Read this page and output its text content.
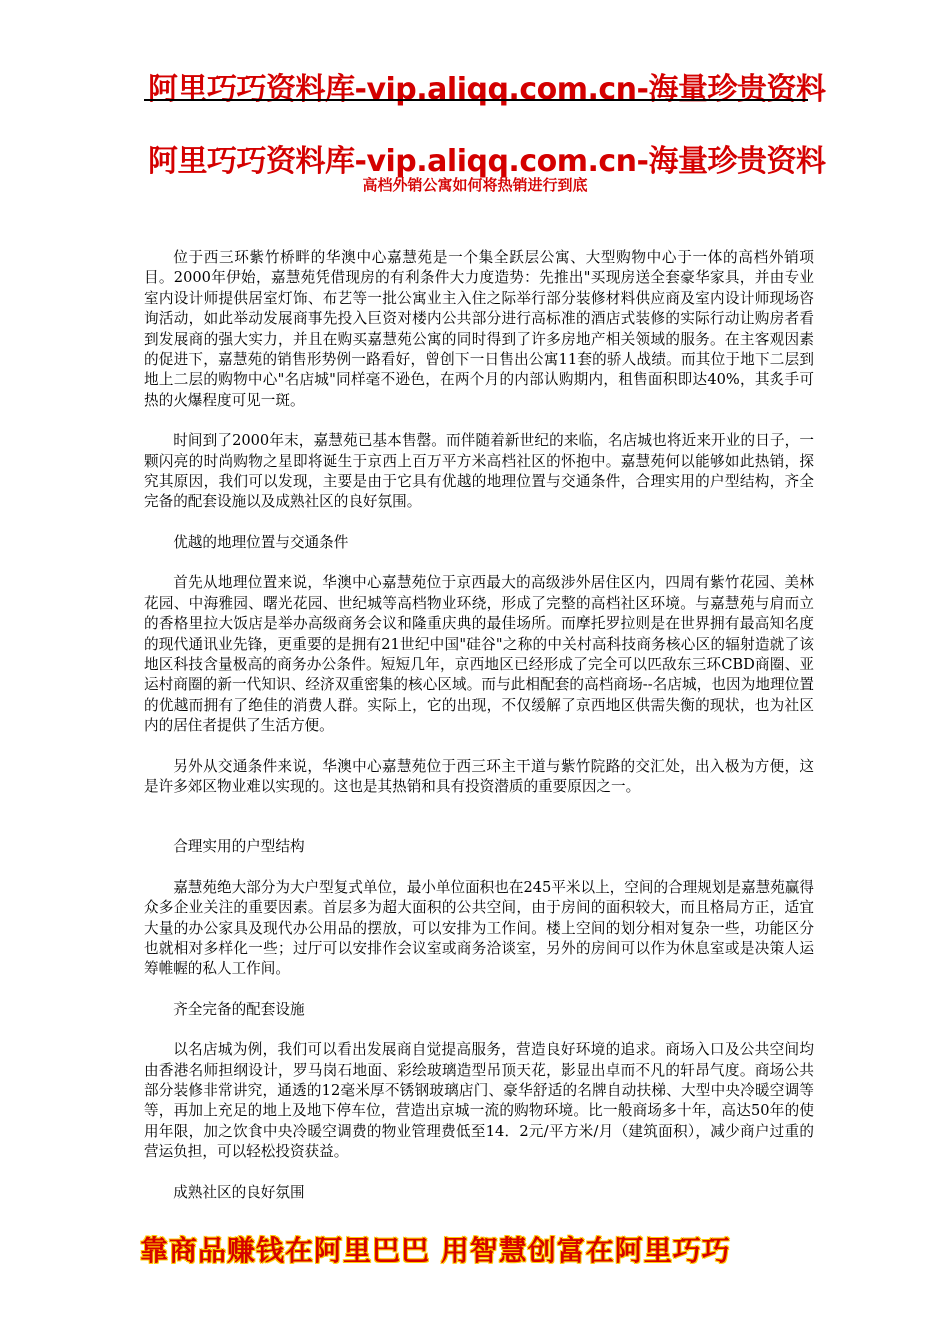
阿里巧巧资料库-vip.aliqq.com.cn-海量珍贵资料
阿里巧巧资料库-vip.aliqq.com.cn-海量珍贵资料
高档外销公寓如何将热销进行到底

位于西三环紫竹桥畔的华澳中心嘉慧苑是一个集全跃层公寓、大型购物中心于一体的高档外销项目。2000年伊始，嘉慧苑凭借现房的有利条件大力度造势：先推出"买现房送全套豪华家具，并由专业室内设计师提供居室灯饰、布艺等一批公寓业主入住之际举行部分装修材料供应商及室内设计师现场咨询活动，如此举动发展商事先投入巨资对楼内公共部分进行高标准的酒店式装修的实际行动让购房者看到发展商的强大实力，并且在购买嘉慧苑公寓的同时得到了许多房地产相关领域的服务。在主客观因素的促进下，嘉慧苑的销售形势例一路看好，曾创下一日售出公寓11套的骄人战绩。而其位于地下二层到地上二层的购物中心"名店城"同样毫不逊色，在两个月的内部认购期内，租售面积即达40%，其炙手可热的火爆程度可见一斑。

时间到了2000年末，嘉慧苑已基本售罄。而伴随着新世纪的来临，名店城也将近来开业的日子，一颗闪亮的时尚购物之星即将诞生于京西上百万平方米高档社区的怀抱中。嘉慧苑何以能够如此热销，探究其原因，我们可以发现，主要是由于它具有优越的地理位置与交通条件，合理实用的户型结构，齐全完备的配套设施以及成熟社区的良好氛围。

优越的地理位置与交通条件

首先从地理位置来说，华澳中心嘉慧苑位于京西最大的高级涉外居住区内，四周有紫竹花园、美林花园、中海雅园、曙光花园、世纪城等高档物业环绕，形成了完整的高档社区环境。与嘉慧苑与肩而立的香格里拉大饭店是举办高级商务会议和隆重庆典的最佳场所。而摩托罗拉则是在世界拥有最高知名度的现代通讯业先锋，更重要的是拥有21世纪中国"硅谷"之称的中关村高科技商务核心区的辐射造就了该地区科技含量极高的商务办公条件。短短几年，京西地区已经形成了完全可以匹敌东三环CBD商圈、亚运村商圈的新一代知识、经济双重密集的核心区域。而与此相配套的高档商场--名店城，也因为地理位置的优越而拥有了绝佳的消费人群。实际上，它的出现，不仅缓解了京西地区供需失衡的现状，也为社区内的居住者提供了生活方便。

另外从交通条件来说，华澳中心嘉慧苑位于西三环主干道与紫竹院路的交汇处，出入极为方便，这是许多郊区物业难以实现的。这也是其热销和具有投资潜质的重要原因之一。

合理实用的户型结构

嘉慧苑绝大部分为大户型复式单位，最小单位面积也在245平米以上，空间的合理规划是嘉慧苑赢得众多企业关注的重要因素。首层多为超大面积的公共空间，由于房间的面积较大，而且格局方正，适宜大量的办公家具及现代办公用品的摆放，可以安排为工作间。楼上空间的划分相对复杂一些，功能区分也就相对多样化一些；过厅可以安排作会议室或商务洽谈室，另外的房间可以作为休息室或是决策人运筹帷幄的私人工作间。

齐全完备的配套设施

以名店城为例，我们可以看出发展商自觉提高服务，营造良好环境的追求。商场入口及公共空间均由香港名师担纲设计，罗马岗石地面、彩绘玻璃造型吊顶天花，影显出卓而不凡的轩昂气度。商场公共部分装修非常讲究，通透的12毫米厚不锈钢玻璃店门、豪华舒适的名牌自动扶梯、大型中央冷暖空调等等，再加上充足的地上及地下停车位，营造出京城一流的购物环境。比一般商场多十年，高达50年的使用年限，加之饮食中央冷暖空调费的物业管理费低至14．2元/平方米/月（建筑面积），减少商户过重的营运负担，可以轻松投资获益。

成熟社区的良好氛围

靠商品赚钱在阿里巴巴 用智慧创富在阿里巧巧
